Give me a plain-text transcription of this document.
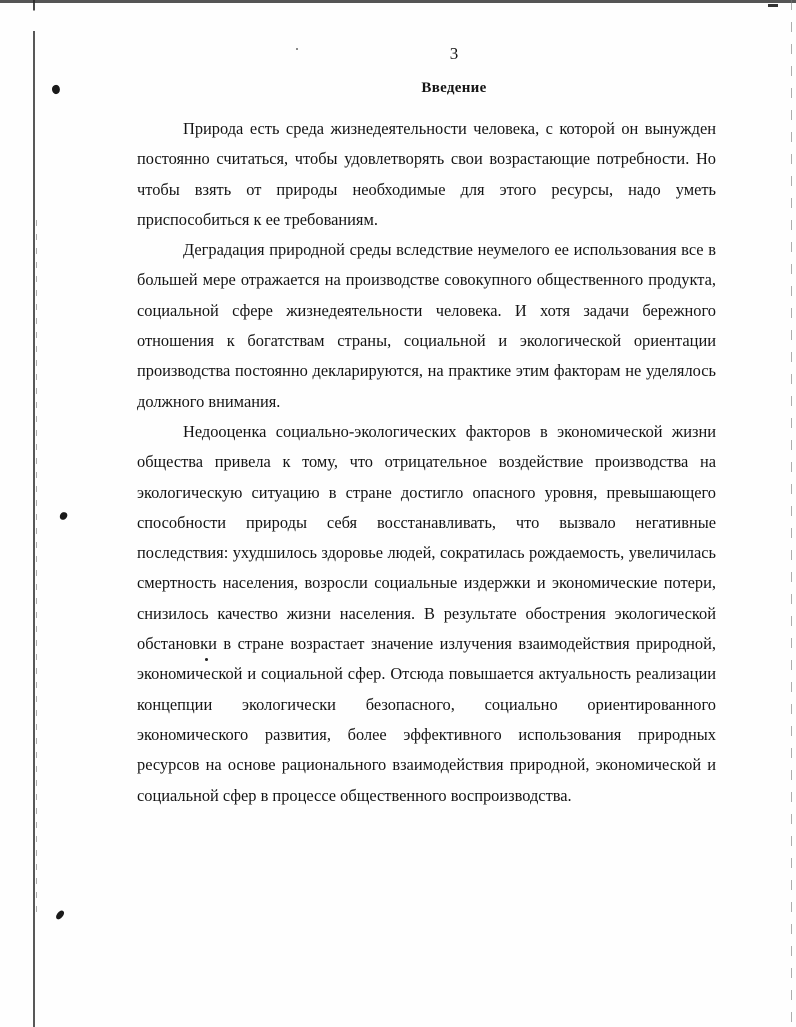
3
Введение

Природа есть среда жизнедеятельности человека, с которой он вынужден постоянно считаться, чтобы удовлетворять свои возрастающие потребности. Но чтобы взять от природы необходимые для этого ресурсы, надо уметь приспособиться к ее требованиям.

Деградация природной среды вследствие неумелого ее использования все в большей мере отражается на производстве совокупного общественного продукта, социальной сфере жизнедеятельности человека. И хотя задачи бережного отношения к богатствам страны, социальной и экологической ориентации производства постоянно декларируются, на практике этим факторам не уделялось должного внимания.

Недооценка социально-экологических факторов в экономической жизни общества привела к тому, что отрицательное воздействие производства на экологическую ситуацию в стране достигло опасного уровня, превышающего способности природы себя восстанавливать, что вызвало негативные последствия: ухудшилось здоровье людей, сократилась рождаемость, увеличилась смертность населения, возросли социальные издержки и экономические потери, снизилось качество жизни населения. В результате обострения экологической обстановки в стране возрастает значение излучения взаимодействия природной, экономической и социальной сфер. Отсюда повышается актуальность реализации концепции экологически безопасного, социально ориентированного экономического развития, более эффективного использования природных ресурсов на основе рационального взаимодействия природной, экономической и социальной сфер в процессе общественного воспроизводства.
